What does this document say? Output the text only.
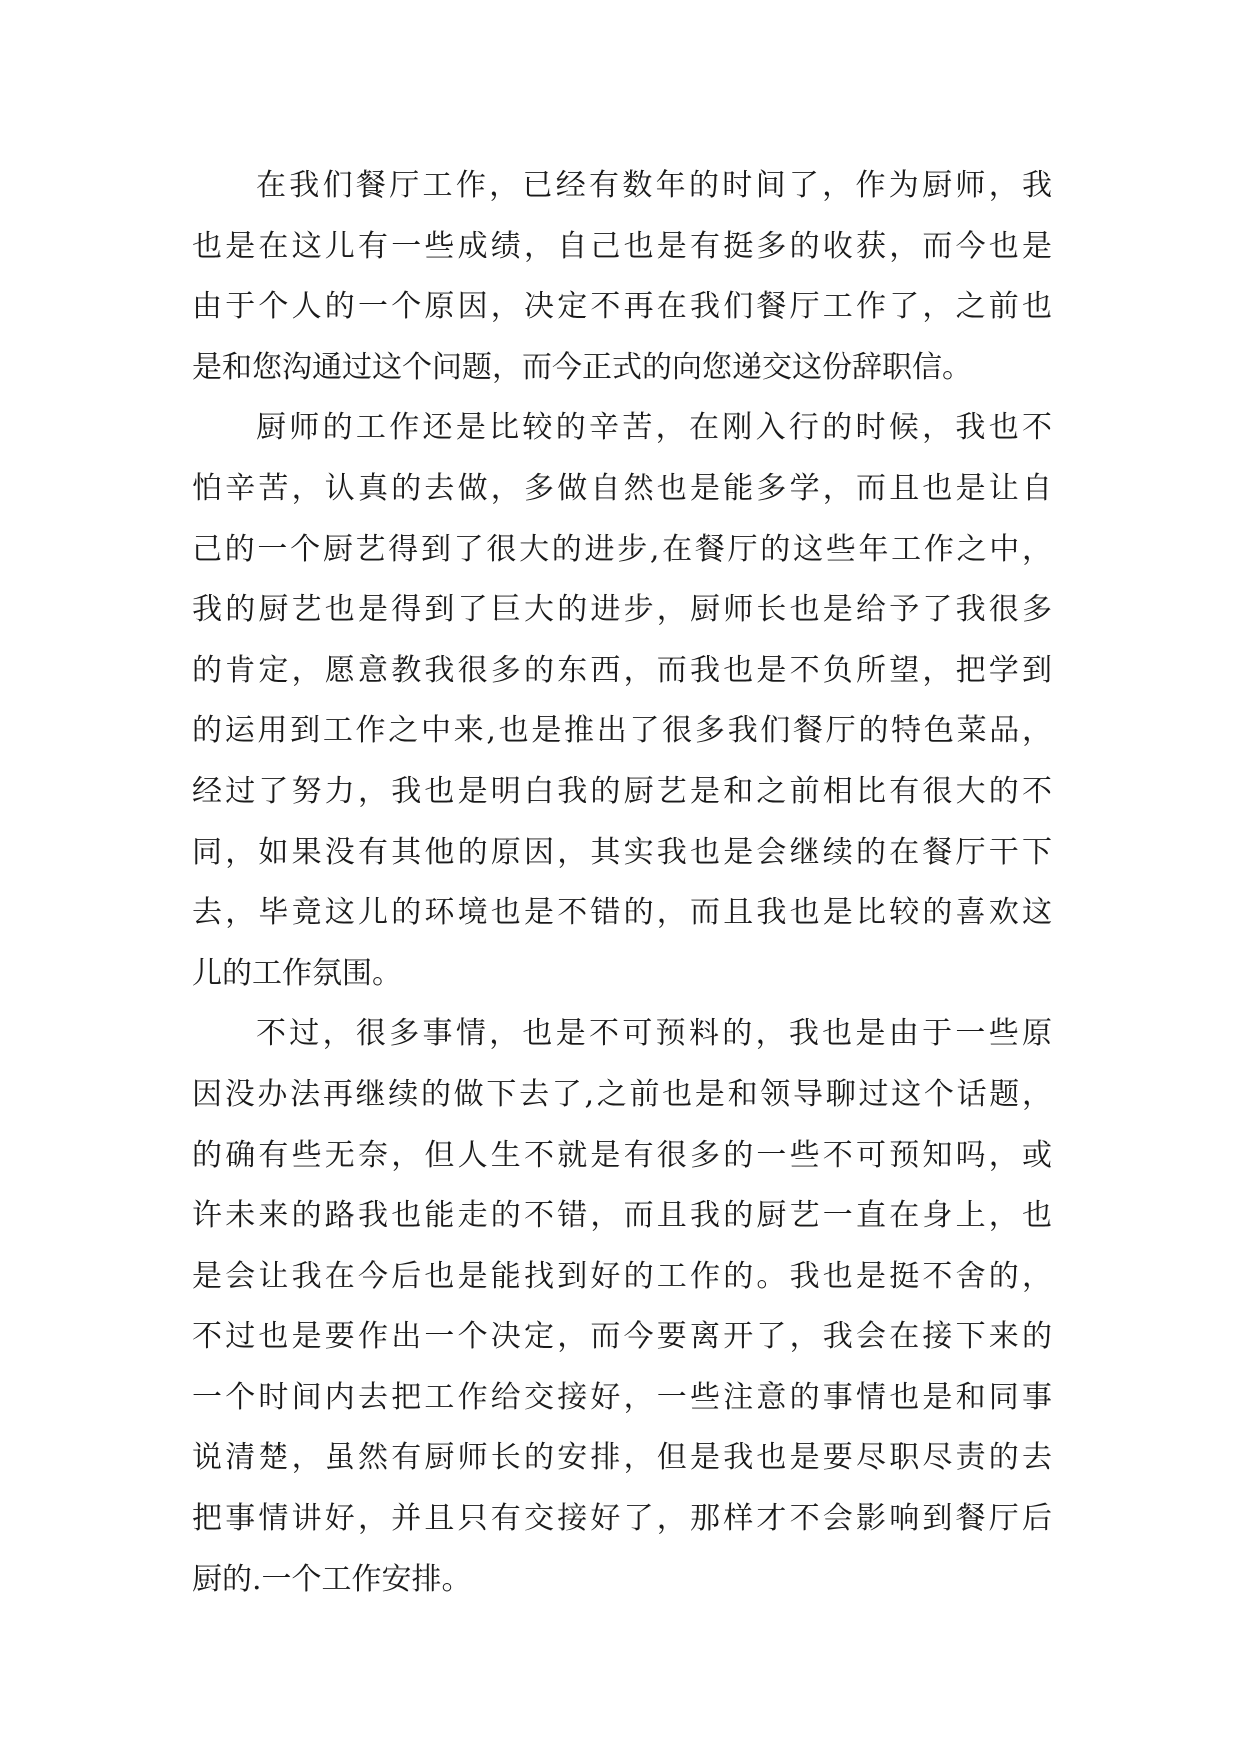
在我们餐厅工作，已经有数年的时间了，作为厨师，我
也是在这儿有一些成绩，自己也是有挺多的收获，而今也是
由于个人的一个原因，决定不再在我们餐厅工作了，之前也
是和您沟通过这个问题，而今正式的向您递交这份辞职信。
厨师的工作还是比较的辛苦，在刚入行的时候，我也不
怕辛苦，认真的去做，多做自然也是能多学，而且也是让自
己的一个厨艺得到了很大的进步,在餐厅的这些年工作之中，
我的厨艺也是得到了巨大的进步，厨师长也是给予了我很多
的肯定，愿意教我很多的东西，而我也是不负所望，把学到
的运用到工作之中来,也是推出了很多我们餐厅的特色菜品，
经过了努力，我也是明白我的厨艺是和之前相比有很大的不
同，如果没有其他的原因，其实我也是会继续的在餐厅干下
去，毕竟这儿的环境也是不错的，而且我也是比较的喜欢这
儿的工作氛围。
不过，很多事情，也是不可预料的，我也是由于一些原
因没办法再继续的做下去了,之前也是和领导聊过这个话题，
的确有些无奈，但人生不就是有很多的一些不可预知吗，或
许未来的路我也能走的不错，而且我的厨艺一直在身上，也
是会让我在今后也是能找到好的工作的。我也是挺不舍的，
不过也是要作出一个决定，而今要离开了，我会在接下来的
一个时间内去把工作给交接好，一些注意的事情也是和同事
说清楚，虽然有厨师长的安排，但是我也是要尽职尽责的去
把事情讲好，并且只有交接好了，那样才不会影响到餐厅后
厨的.一个工作安排。
